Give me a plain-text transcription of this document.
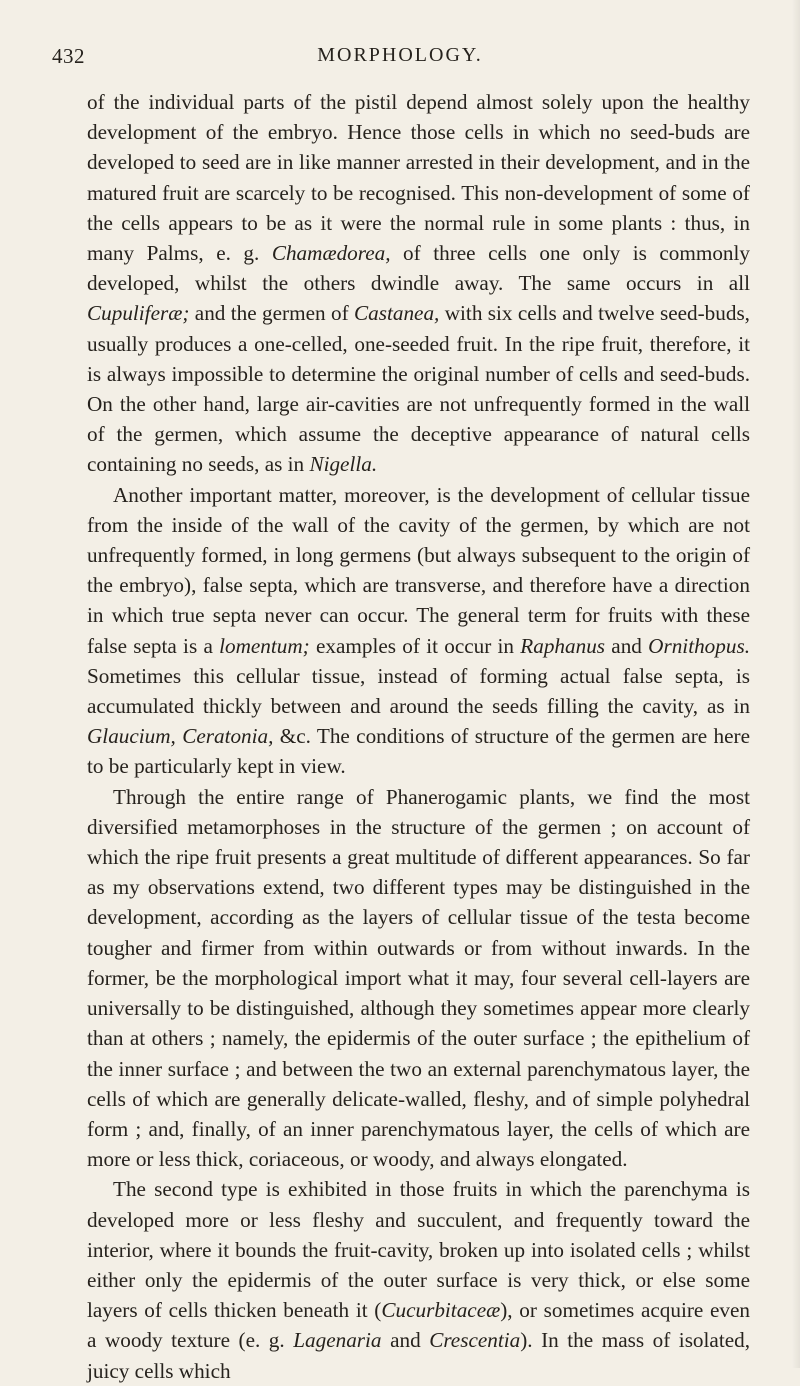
432	MORPHOLOGY.

of the individual parts of the pistil depend almost solely upon the healthy development of the embryo. Hence those cells in which no seed-buds are developed to seed are in like manner arrested in their development, and in the matured fruit are scarcely to be recognised. This non-development of some of the cells appears to be as it were the normal rule in some plants : thus, in many Palms, e. g. Chamædorea, of three cells one only is commonly developed, whilst the others dwindle away. The same occurs in all Cupuliferæ; and the germen of Castanea, with six cells and twelve seed-buds, usually produces a one-celled, one-seeded fruit. In the ripe fruit, therefore, it is always impossible to determine the original number of cells and seed-buds. On the other hand, large air-cavities are not unfrequently formed in the wall of the germen, which assume the deceptive appearance of natural cells containing no seeds, as in Nigella.

Another important matter, moreover, is the development of cellular tissue from the inside of the wall of the cavity of the germen, by which are not unfrequently formed, in long germens (but always subsequent to the origin of the embryo), false septa, which are transverse, and therefore have a direction in which true septa never can occur. The general term for fruits with these false septa is a lomentum; examples of it occur in Raphanus and Ornithopus. Sometimes this cellular tissue, instead of forming actual false septa, is accumulated thickly between and around the seeds filling the cavity, as in Glaucium, Ceratonia, &c. The conditions of structure of the germen are here to be particularly kept in view.

Through the entire range of Phanerogamic plants, we find the most diversified metamorphoses in the structure of the germen ; on account of which the ripe fruit presents a great multitude of different appearances. So far as my observations extend, two different types may be distinguished in the development, according as the layers of cellular tissue of the testa become tougher and firmer from within outwards or from without inwards. In the former, be the morphological import what it may, four several cell-layers are universally to be distinguished, although they sometimes appear more clearly than at others ; namely, the epidermis of the outer surface ; the epithelium of the inner surface ; and between the two an external parenchymatous layer, the cells of which are generally delicate-walled, fleshy, and of simple polyhedral form ; and, finally, of an inner parenchymatous layer, the cells of which are more or less thick, coriaceous, or woody, and always elongated.

The second type is exhibited in those fruits in which the parenchyma is developed more or less fleshy and succulent, and frequently toward the interior, where it bounds the fruit-cavity, broken up into isolated cells ; whilst either only the epidermis of the outer surface is very thick, or else some layers of cells thicken beneath it (Cucurbitaceæ), or sometimes acquire even a woody texture (e. g. Lagenaria and Crescentia). In the mass of isolated, juicy cells which
